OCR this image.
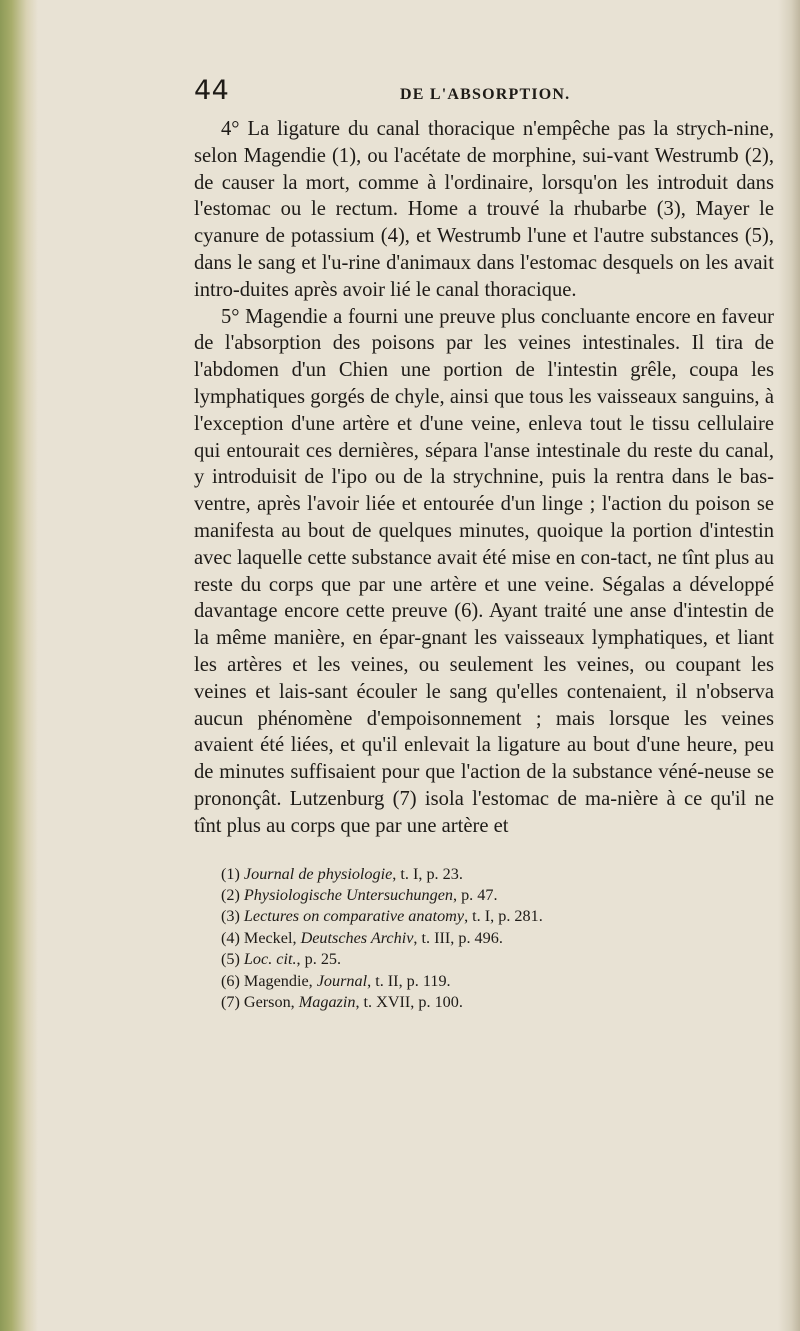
44	DE L'ABSORPTION.

4° La ligature du canal thoracique n'empêche pas la strych-nine, selon Magendie (1), ou l'acétate de morphine, sui-vant Westrumb (2), de causer la mort, comme à l'ordinaire, lorsqu'on les introduit dans l'estomac ou le rectum. Home a trouvé la rhubarbe (3), Mayer le cyanure de potassium (4), et Westrumb l'une et l'autre substances (5), dans le sang et l'u-rine d'animaux dans l'estomac desquels on les avait intro-duites après avoir lié le canal thoracique.

5° Magendie a fourni une preuve plus concluante encore en faveur de l'absorption des poisons par les veines intestinales. Il tira de l'abdomen d'un Chien une portion de l'intestin grêle, coupa les lymphatiques gorgés de chyle, ainsi que tous les vaisseaux sanguins, à l'exception d'une artère et d'une veine, enleva tout le tissu cellulaire qui entourait ces dernières, sépara l'anse intestinale du reste du canal, y introduisit de l'ipo ou de la strychnine, puis la rentra dans le bas-ventre, après l'avoir liée et entourée d'un linge ; l'action du poison se manifesta au bout de quelques minutes, quoique la portion d'intestin avec laquelle cette substance avait été mise en con-tact, ne tînt plus au reste du corps que par une artère et une veine. Ségalas a développé davantage encore cette preuve (6). Ayant traité une anse d'intestin de la même manière, en épar-gnant les vaisseaux lymphatiques, et liant les artères et les veines, ou seulement les veines, ou coupant les veines et lais-sant écouler le sang qu'elles contenaient, il n'observa aucun phénomène d'empoisonnement ; mais lorsque les veines avaient été liées, et qu'il enlevait la ligature au bout d'une heure, peu de minutes suffisaient pour que l'action de la substance véné-neuse se prononçât. Lutzenburg (7) isola l'estomac de ma-nière à ce qu'il ne tînt plus au corps que par une artère et

(1) Journal de physiologie, t. I, p. 23.
(2) Physiologische Untersuchungen, p. 47.
(3) Lectures on comparative anatomy, t. I, p. 281.
(4) Meckel, Deutsches Archiv, t. III, p. 496.
(5) Loc. cit., p. 25.
(6) Magendie, Journal, t. II, p. 119.
(7) Gerson, Magazin, t. XVII, p. 100.
